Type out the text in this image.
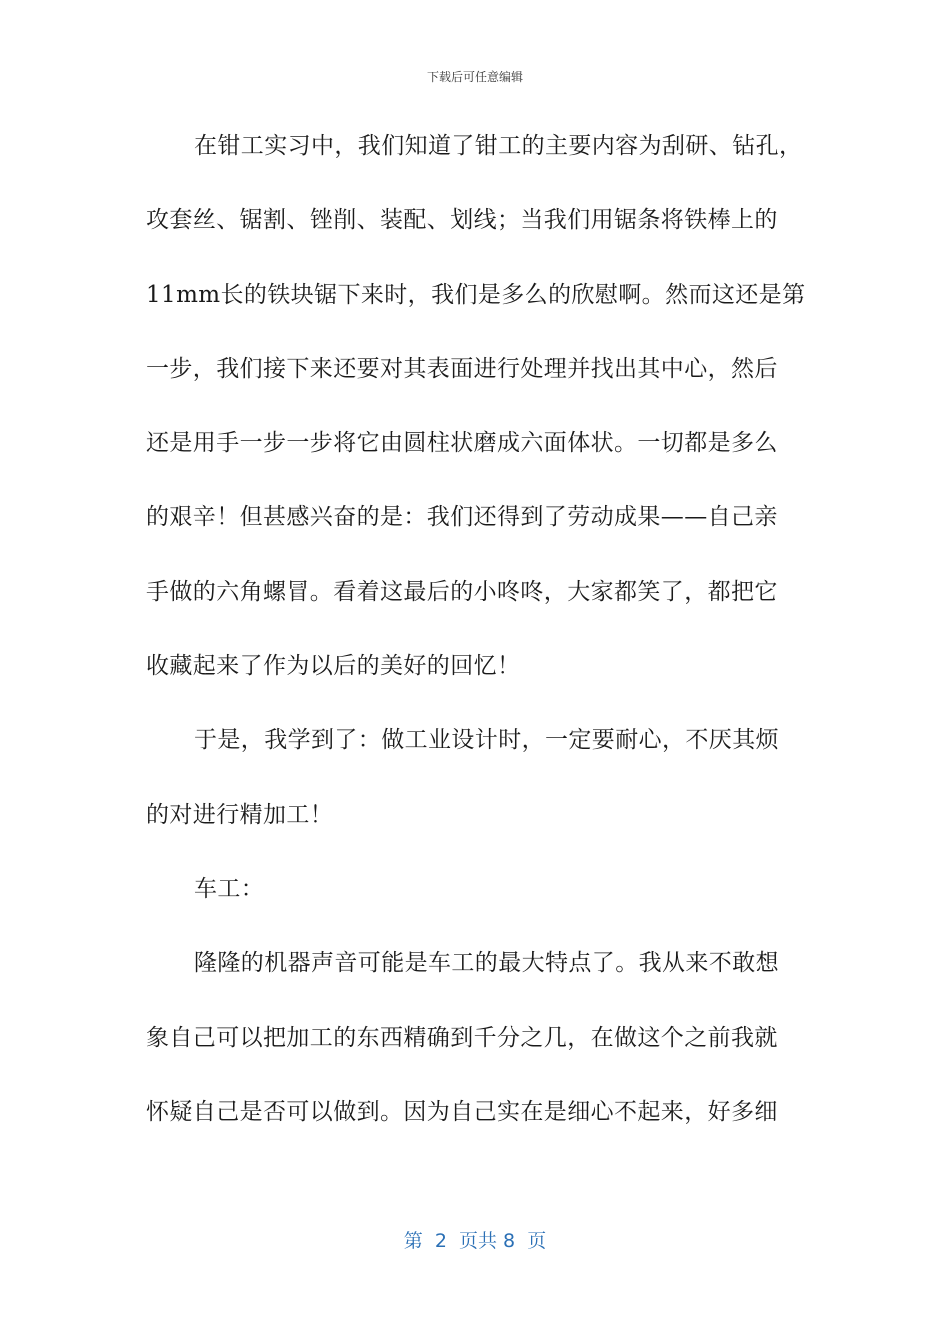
下载后可任意编辑
在钳工实习中，我们知道了钳工的主要内容为刮研、钻孔，
攻套丝、锯割、锉削、装配、划线；当我们用锯条将铁棒上的
11mm长的铁块锯下来时，我们是多么的欣慰啊。然而这还是第
一步，我们接下来还要对其表面进行处理并找出其中心，然后
还是用手一步一步将它由圆柱状磨成六面体状。一切都是多么
的艰辛！但甚感兴奋的是：我们还得到了劳动成果——自己亲
手做的六角螺冒。看着这最后的小咚咚，大家都笑了，都把它
收藏起来了作为以后的美好的回忆！
于是，我学到了：做工业设计时，一定要耐心，不厌其烦
的对进行精加工！
车工：
隆隆的机器声音可能是车工的最大特点了。我从来不敢想
象自己可以把加工的东西精确到千分之几，在做这个之前我就
怀疑自己是否可以做到。因为自己实在是细心不起来，好多细
第  2  页共 8  页
